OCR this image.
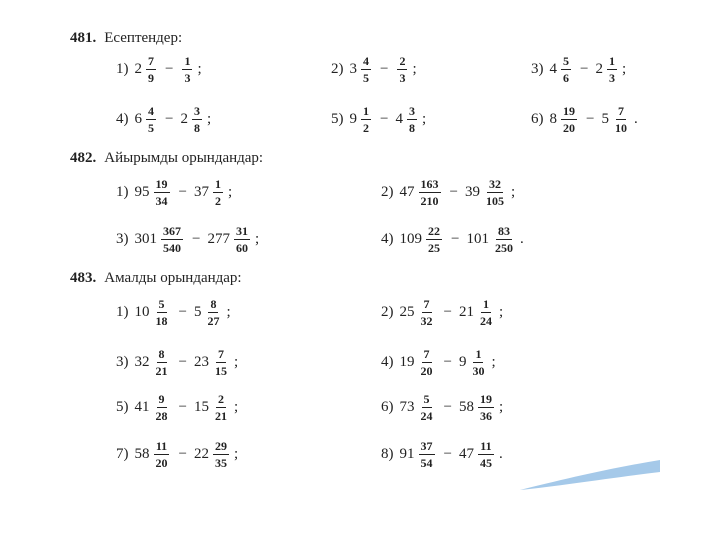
481. Есептендер:
1) $2 \frac{7}{9} - \frac{1}{3}$ ;	2) $3 \frac{4}{5} - \frac{2}{3}$ ;	3) $4 \frac{5}{6} - 2 \frac{1}{3}$ ;
4) $6 \frac{4}{5} - 2 \frac{3}{8}$ ;	5) $9 \frac{1}{2} - 4 \frac{3}{8}$ ;	6) $8 \frac{19}{20} - 5 \frac{7}{10}$ .
482. Айырымды орындандар:
1) $95 \frac{19}{34} - 37 \frac{1}{2}$ ;	2) $47 \frac{163}{210} - 39 \frac{32}{105}$ ;
3) $301 \frac{367}{540} - 277 \frac{31}{60}$ ;	4) $109 \frac{22}{25} - 101 \frac{83}{250}$ .
483. Амалды орындандар:
1) $10 \frac{5}{18} - 5 \frac{8}{27}$ ;	2) $25 \frac{7}{32} - 21 \frac{1}{24}$ ;
3) $32 \frac{8}{21} - 23 \frac{7}{15}$ ;	4) $19 \frac{7}{20} - 9 \frac{1}{30}$ ;
5) $41 \frac{9}{28} - 15 \frac{2}{21}$ ;	6) $73 \frac{5}{24} - 58 \frac{19}{36}$ ;
7) $58 \frac{11}{20} - 22 \frac{29}{35}$ ;	8) $91 \frac{37}{54} - 47 \frac{11}{45}$ .
